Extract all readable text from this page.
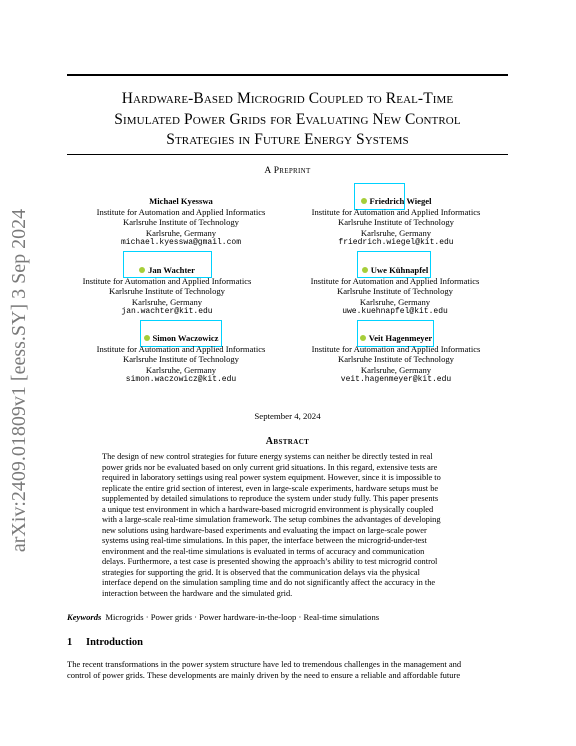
arXiv:2409.01809v1 [eess.SY] 3 Sep 2024
Hardware-Based Microgrid Coupled to Real-Time
Simulated Power Grids for Evaluating New Control
Strategies in Future Energy Systems
A Preprint
Michael Kyesswa
Institute for Automation and Applied Informatics
Karlsruhe Institute of Technology
Karlsruhe, Germany
michael.kyesswa@gmail.com
Friedrich Wiegel
Institute for Automation and Applied Informatics
Karlsruhe Institute of Technology
Karlsruhe, Germany
friedrich.wiegel@kit.edu
Jan Wachter
Institute for Automation and Applied Informatics
Karlsruhe Institute of Technology
Karlsruhe, Germany
jan.wachter@kit.edu
Uwe Kühnapfel
Institute for Automation and Applied Informatics
Karlsruhe Institute of Technology
Karlsruhe, Germany
uwe.kuehnapfel@kit.edu
Simon Waczowicz
Institute for Automation and Applied Informatics
Karlsruhe Institute of Technology
Karlsruhe, Germany
simon.waczowicz@kit.edu
Veit Hagenmeyer
Institute for Automation and Applied Informatics
Karlsruhe Institute of Technology
Karlsruhe, Germany
veit.hagenmeyer@kit.edu
September 4, 2024
Abstract
The design of new control strategies for future energy systems can neither be directly tested in real
power grids nor be evaluated based on only current grid situations. In this regard, extensive tests are
required in laboratory settings using real power system equipment. However, since it is impossible to
replicate the entire grid section of interest, even in large-scale experiments, hardware setups must be
supplemented by detailed simulations to reproduce the system under study fully. This paper presents
a unique test environment in which a hardware-based microgrid environment is physically coupled
with a large-scale real-time simulation framework. The setup combines the advantages of developing
new solutions using hardware-based experiments and evaluating the impact on large-scale power
systems using real-time simulations. In this paper, the interface between the microgrid-under-test
environment and the real-time simulations is evaluated in terms of accuracy and communication
delays. Furthermore, a test case is presented showing the approach’s ability to test microgrid control
strategies for supporting the grid. It is observed that the communication delays via the physical
interface depend on the simulation sampling time and do not significantly affect the accuracy in the
interaction between the hardware and the simulated grid.
Keywords Microgrids · Power grids · Power hardware-in-the-loop · Real-time simulations
1 Introduction
The recent transformations in the power system structure have led to tremendous challenges in the management and
control of power grids. These developments are mainly driven by the need to ensure a reliable and affordable future
